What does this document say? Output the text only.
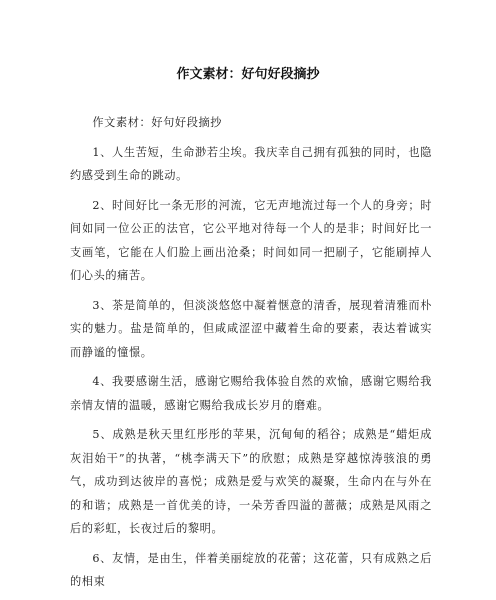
作文素材：好句好段摘抄

作文素材：好句好段摘抄

1、人生苦短，生命渺若尘埃。我庆幸自己拥有孤独的同时，也隐约感受到生命的跳动。

2、时间好比一条无形的河流，它无声地流过每一个人的身旁；时间如同一位公正的法官，它公平地对待每一个人的是非；时间好比一支画笔，它能在人们脸上画出沧桑；时间如同一把刷子，它能刷掉人们心头的痛苦。

3、茶是简单的，但淡淡悠悠中凝着惬意的清香，展现着清雅而朴实的魅力。盐是简单的，但咸咸涩涩中藏着生命的要素，表达着诚实而静谧的憧憬。

4、我要感谢生活，感谢它赐给我体验自然的欢愉，感谢它赐给我亲情友情的温暖，感谢它赐给我成长岁月的磨难。

5、成熟是秋天里红彤彤的苹果，沉甸甸的稻谷；成熟是“蜡炬成灰泪始干”的执著，“桃李满天下”的欣慰；成熟是穿越惊涛骇浪的勇气，成功到达彼岸的喜悦；成熟是爱与欢笑的凝聚，生命内在与外在的和谐；成熟是一首优美的诗，一朵芳香四溢的蔷薇；成熟是风雨之后的彩虹，长夜过后的黎明。

6、友情，是由生，伴着美丽绽放的花蕾；这花蕾，只有成熟之后的相束
